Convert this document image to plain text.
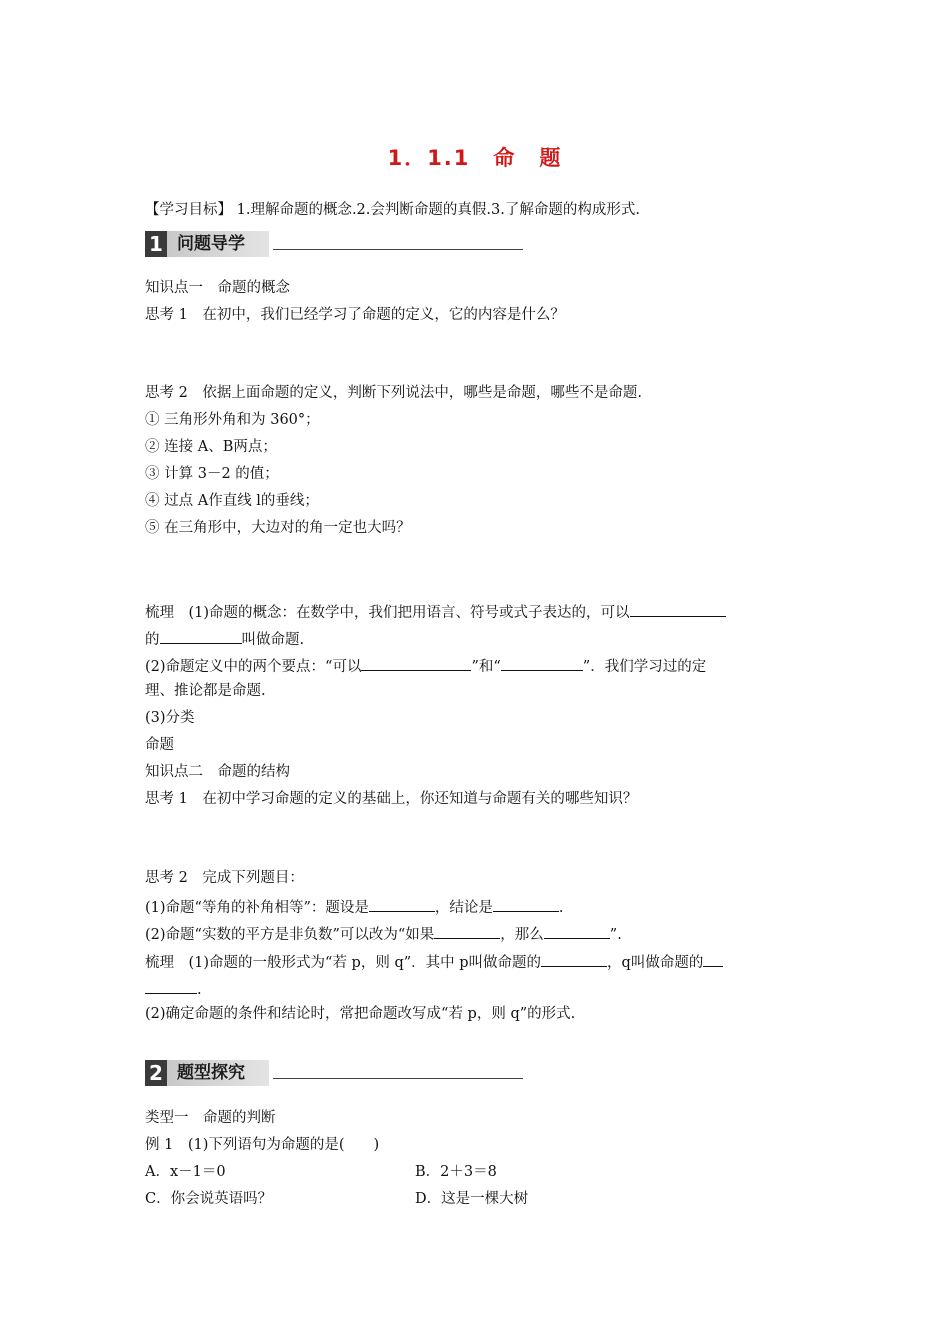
1．1.1　命　题
【学习目标】 1.理解命题的概念.2.会判断命题的真假.3.了解命题的构成形式.
1 问题导学
知识点一　命题的概念
思考 1　在初中，我们已经学习了命题的定义，它的内容是什么？
思考 2　依据上面命题的定义，判断下列说法中，哪些是命题，哪些不是命题.
① 三角形外角和为 360°；
② 连接 A、B两点；
③ 计算 3－2 的值；
④ 过点 A作直线 l的垂线；
⑤ 在三角形中，大边对的角一定也大吗？
梳理　(1)命题的概念：在数学中，我们把用语言、符号或式子表达的，可以
的	叫做命题.
(2)命题定义中的两个要点：“可以	”和“	”．我们学习过的定
理、推论都是命题.
(3)分类
命题
知识点二　命题的结构
思考 1　在初中学习命题的定义的基础上，你还知道与命题有关的哪些知识？
思考 2　完成下列题目：
(1)命题“等角的补角相等”：题设是	，结论是	.
(2)命题“实数的平方是非负数”可以改为“如果	，那么	”.
梳理　(1)命题的一般形式为“若 p，则 q”．其中 p叫做命题的	，q叫做命题的
.
(2)确定命题的条件和结论时，常把命题改写成“若 p，则 q”的形式.
2 题型探究
类型一　命题的判断
例 1　(1)下列语句为命题的是(　　)
A．x－1＝0	B．2＋3＝8
C．你会说英语吗？	D．这是一棵大树
